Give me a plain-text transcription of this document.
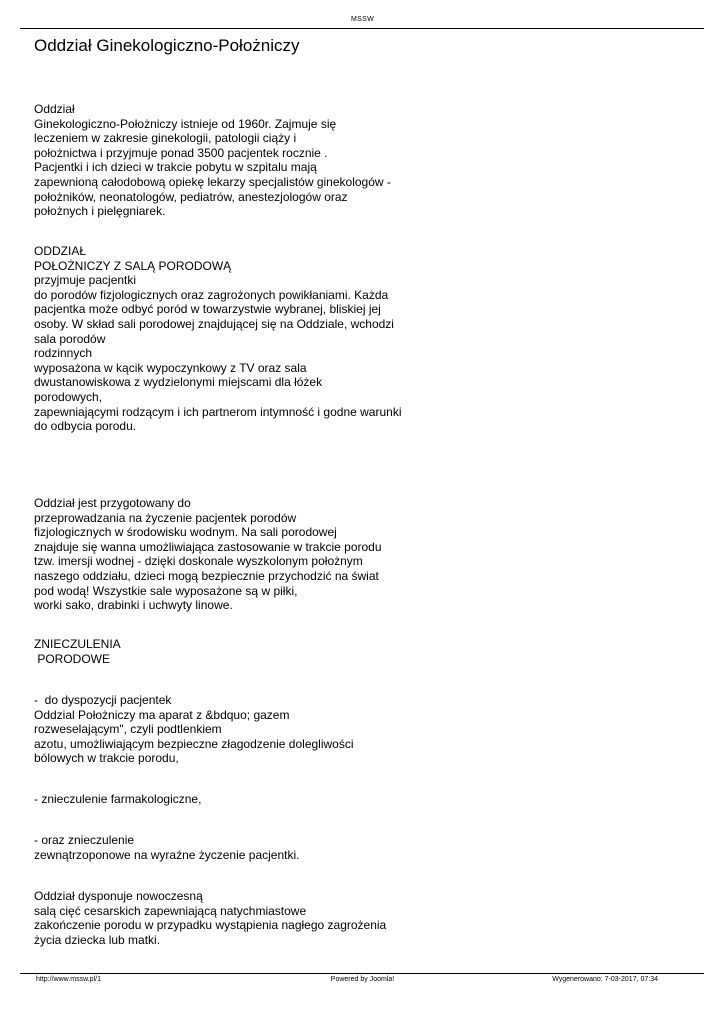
MSSW
Oddział Ginekologiczno-Położniczy
Oddział
Ginekologiczno-Położniczy istnieje od 1960r. Zajmuje się
leczeniem w zakresie ginekologii, patologii ciąży i
położnictwa i przyjmuje ponad 3500 pacjentek rocznie .
Pacjentki i ich dzieci w trakcie pobytu w szpitalu mają
zapewnioną całodobową opiekę lekarzy specjalistów ginekologów -
położników, neonatologów, pediatrów, anestezjologów oraz
położnych i pielęgniarek.
ODDZIAŁ
POŁOŻNICZY Z SALĄ PORODOWĄ
przyjmuje pacjentki
do porodów fizjologicznych oraz zagrożonych powikłaniami. Każda
pacjentka może odbyć poród w towarzystwie wybranej, bliskiej jej
osoby. W skład sali porodowej znajdującej się na Oddziale, wchodzi
sala porodów
rodzinnych
wyposażona w kącik wypoczynkowy z TV oraz sala
dwustanowiskowa z wydzielonymi miejscami dla łóżek
porodowych,
zapewniającymi rodzącym i ich partnerom intymność i godne warunki
do odbycia porodu.
Oddział jest przygotowany do
przeprowadzania na życzenie pacjentek porodów
fizjologicznych w środowisku wodnym. Na sali porodowej
znajduje się wanna umożliwiająca zastosowanie w trakcie porodu
tzw. imersji wodnej - dzięki doskonale wyszkolonym położnym
naszego oddziału, dzieci mogą bezpiecznie przychodzić na świat
pod wodą! Wszystkie sale wyposażone są w piłki,
worki sako, drabinki i uchwyty linowe.
ZNIECZULENIA
PORODOWE
-  do dyspozycji pacjentek
Oddzial Położniczy ma aparat z &bdquo; gazem
rozweselającym", czyli podtlenkiem
azotu, umożliwiającym bezpieczne złagodzenie dolegliwości
bólowych w trakcie porodu,
- znieczulenie farmakologiczne,
- oraz znieczulenie
zewnątrzoponowe na wyraźne życzenie pacjentki.
Oddział dysponuje nowoczesną
salą cięć cesarskich zapewniającą natychmiastowe
zakończenie porodu w przypadku wystąpienia nagłego zagrożenia
życia dziecka lub matki.
http://www.mssw.pl/1	Powered by Joomla!	Wygenerowano: 7-03-2017, 07:34
